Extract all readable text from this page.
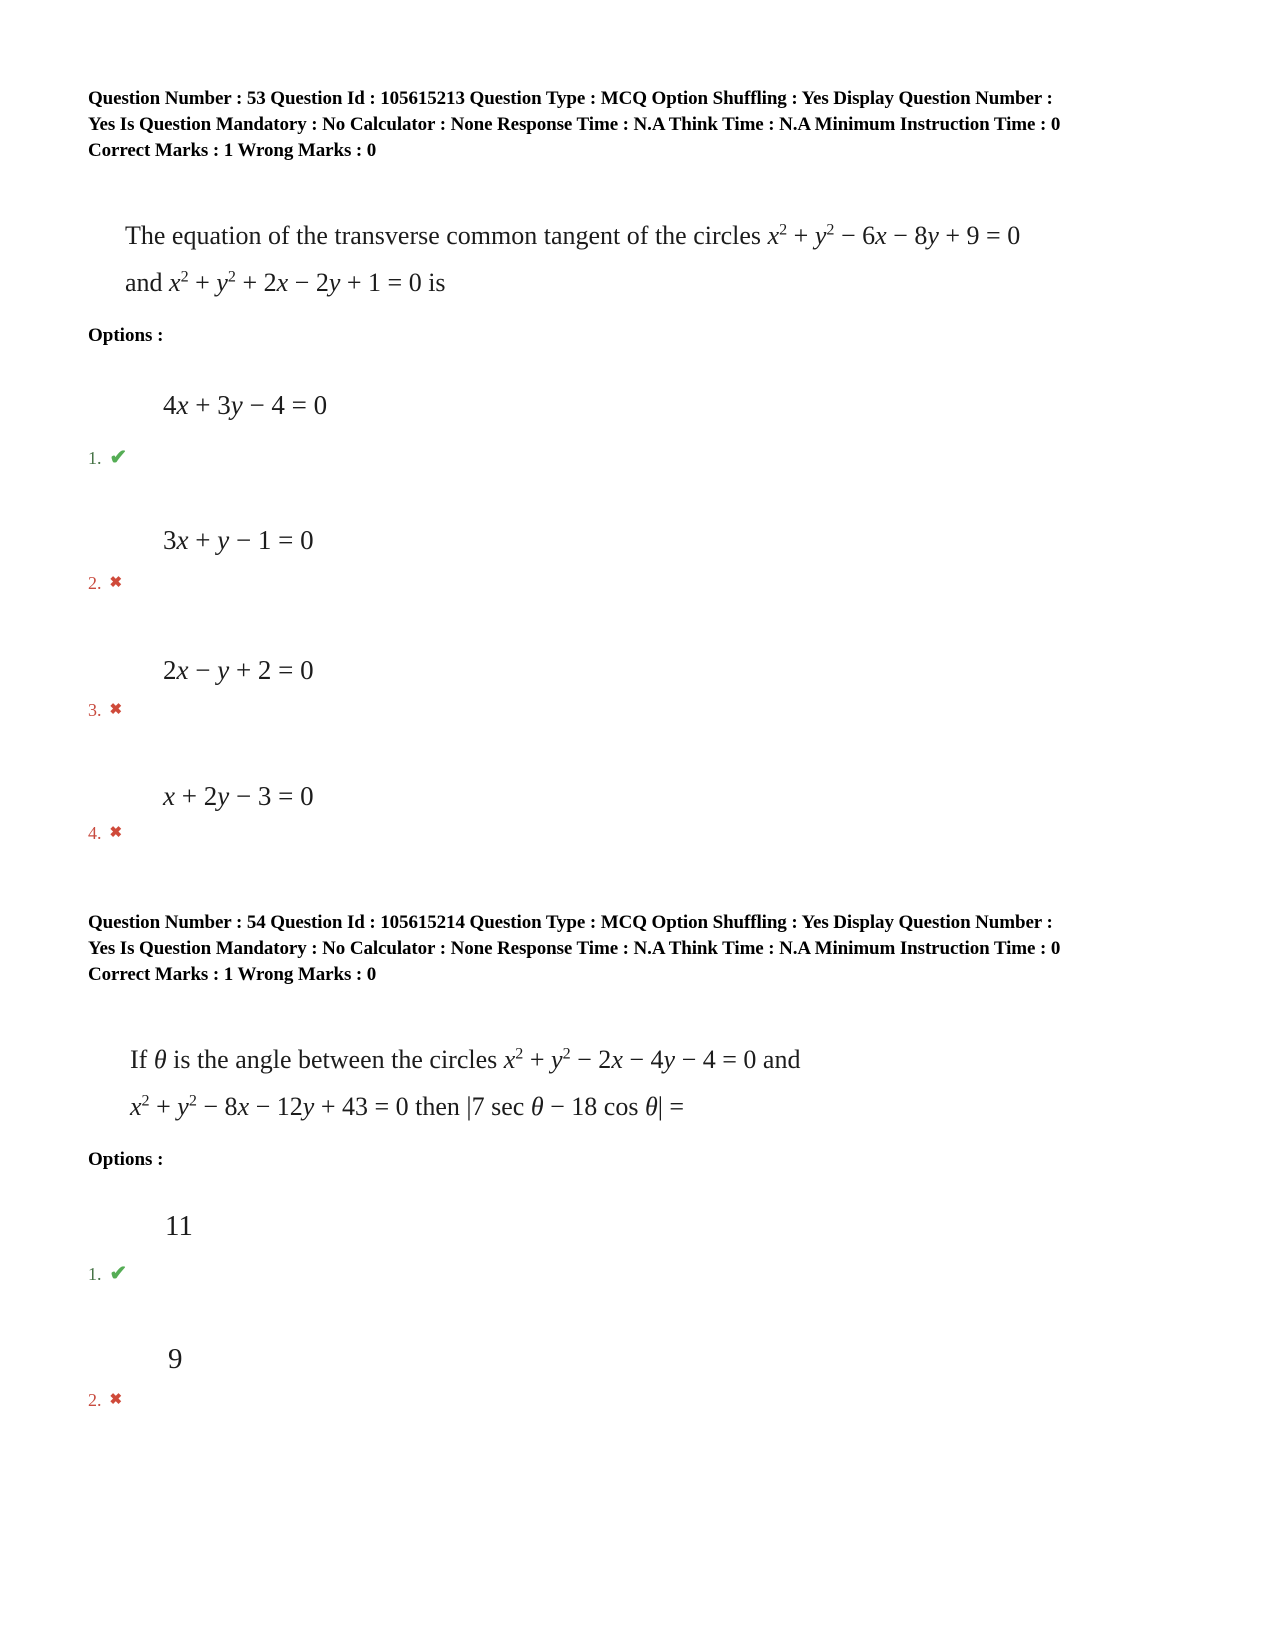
Question Number : 53 Question Id : 105615213 Question Type : MCQ Option Shuffling : Yes Display Question Number :
Yes Is Question Mandatory : No Calculator : None Response Time : N.A Think Time : N.A Minimum Instruction Time : 0
Correct Marks : 1 Wrong Marks : 0
The equation of the transverse common tangent of the circles $x^2 + y^2 - 6x - 8y + 9 = 0$
and $x^2 + y^2 + 2x - 2y + 1 = 0$ is
Options :
4x + 3y − 4 = 0
1. ✔
3x + y − 1 = 0
2. ✖
2x − y + 2 = 0
3. ✖
x + 2y − 3 = 0
4. ✖
Question Number : 54 Question Id : 105615214 Question Type : MCQ Option Shuffling : Yes Display Question Number :
Yes Is Question Mandatory : No Calculator : None Response Time : N.A Think Time : N.A Minimum Instruction Time : 0
Correct Marks : 1 Wrong Marks : 0
If θ is the angle between the circles $x^2 + y^2 - 2x - 4y - 4 = 0$ and
$x^2 + y^2 - 8x - 12y + 43 = 0$ then |7 sec θ − 18 cos θ| =
Options :
11
1. ✔
9
2. ✖
